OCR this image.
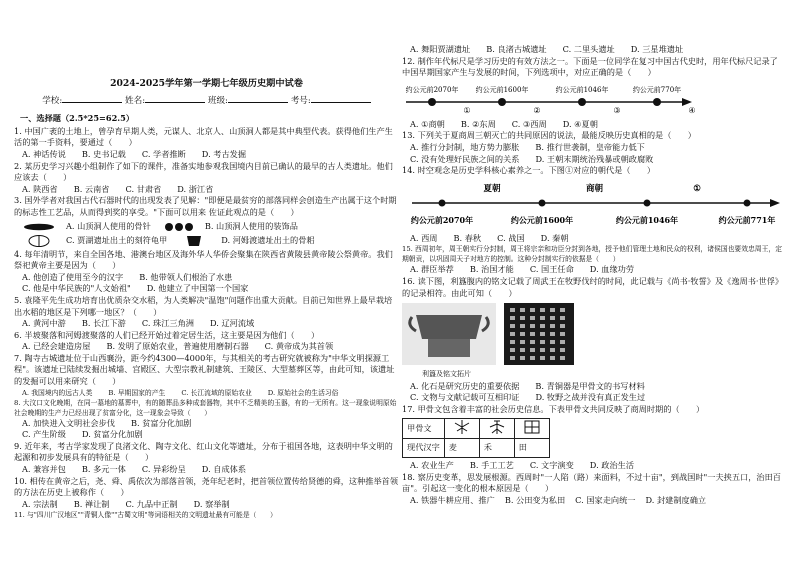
2024-2025学年第一学期七年级历史期中试卷
学校:	姓名:	班级:	考号:
一、选择题（2.5*25=62.5）

1. 中国广袤的土地上，曾孕育早期人类，元谋人、北京人、山顶洞人都是其中典型代表。获得他们生产生活的第一手资料，要通过（　　）

A. 神话传说 B. 史书记载 C. 学者推断 D. 考古发掘

2. 某历史学习兴趣小组制作了如下的课件，准备实地参观我国境内目前已确认的最早的古人类遗址。他们应该去（　　）

A. 陕西省 B. 云南省 C. 甘肃省 D. 浙江省

3. 国外学者对我国古代石器时代的出现发表了见解："即便是最贫穷的部落同样会创造生产出属于这个时期的标志性工艺品，从而得到奖的享受。"下面可以用来 佐证此观点的是（　　）

A. 山顶洞人使用的骨针	B. 山顶洞人使用的装饰品
C. 贾湖遗址出土的刻符龟甲	D. 河姆渡遗址出土的骨耜

4. 每年清明节，来自全国各地、港澳台地区及海外华人华侨会聚集在陕西省黄陵县黄帝陵公祭黄帝。我们祭祀黄帝主要是因为（　　）

A. 他创造了使用至今的汉字 B. 他带领人们根治了水患
C. 他是中华民族的"人文始祖" D. 他建立了中国第一个国家

5. 袁隆平先生成功培育出优质杂交水稻，为人类解决"温饱"问题作出重大贡献。目前已知世界上最早栽培出水稻的地区是下列哪一地区？（　　）

A. 黄河中游 B. 长江下游 C. 珠江三角洲 D. 辽河流域

6. 半坡聚落和河姆渡聚落的人们已经开始过着定居生活，这主要是因为他们（　　）

A. 已经会建造房屋 B. 发明了原始农业，普遍使用磨制石器 C. 黄帝成为其首领

7. 陶寺古城遗址位于山西襄汾，距今约4300—4000年，与其相关的考古研究就被称为"中华文明探源工程"。该遗址已陆续发掘出城墙、宫殿区、大型宗教礼制建筑、王陵区、大型墓葬区等，由此可知，该遗址的发掘可以用来研究（　　）

A. 我国境内的远古人类 B. 早期国家的产生 C. 长江流域的原始农业 D. 原始社会的生活习俗

8. 大汶口文化晚期，在同一墓地的墓葬中，有的随葬品多种成套器物，其中不乏精美的玉器，有的一无所有。这一现象说明原始社会晚期的生产力已经出现了贫富分化，这一现象会导致（　　）

A. 加快进入文明社会步伐 B. 贫富分化加剧
C. 产生阶级 D. 贫富分化加剧

9. 近年来，考古学家发现了良渚文化、陶寺文化、红山文化等遗址，分布于祖国各地，这表明中华文明的起源和初步发展具有的特征是（　　）

A. 兼容并包 B. 多元一体 C. 异彩纷呈 D. 自成体系

10. 相传在黄帝之后，尧、舜、禹依次为部落首领，尧年纪老时，把首领位置传给贤德的舜，这种推举首领的方法在历史上被称作（　　）

A. 宗法制 B. 禅让制 C. 九品中正制 D. 察举制

11. 与"四川广汉地区""青铜人像""古蜀文明"等词语相关的文明遗址最有可能是（　　）

A. 舞阳贾湖遗址 B. 良渚古城遗址 C. 二里头遗址 D. 三星堆遗址

12. 制作年代标尺是学习历史的有效方法之一。下面是一位同学在复习中国古代史时，用年代标尺记录了中国早期国家产生与发展的时间，下列选项中，对应正确的是（　　）

约公元前2070年
①
约公元前1600年
②
约公元前1046年
③
约公元前770年
④
A. ①商朝 B. ②东周 C. ③西周 D. ④夏朝

13. 下列关于夏商周三朝灭亡的共同原因的说法，最能反映历史真相的是（　　）

A. 推行分封制，地方势力膨胀 B. 推行世袭制，皇帝能力低下
C. 没有处理好民族之间的关系 D. 王朝末期统治残暴或朝政腐败

14. 时空观念是历史学科核心素养之一。下图①对应的朝代是（　　）

约公元前2070年	约公元前1600年	约公元前1046年	约公元前771年
夏朝	商朝	①
A. 西周 B. 春秋 C. 战国 D. 秦朝

15. 西周初年，周王朝实行分封制，周王将宗亲和功臣分封到各地，授予他们管理土地和民众的权利，诸侯国也要效忠周王，定期朝贡，以巩固周天子对地方的控制。这种分封制实行的依据是（　　）

A. 群臣举荐 B. 治国才能 C. 国王任命 D. 血缘功劳

16. 读下图，利簋腹内的铭文记载了周武王在牧野伐纣的时间，此记载与《尚书·牧誓》及《逸周书·世俘》的记录相符。由此可知（　　）

利簋及铭文拓片
A. 化石是研究历史的重要依据 B. 青铜器是甲骨文的书写材料
C. 文物与文献记载可互相印证 D. 牧野之战并没有真正发生过

17. 甲骨文包含着丰富的社会历史信息。下表甲骨文共同反映了商周时期的（　　）

甲骨文			
现代汉字	麦	禾	田
A. 农业生产 B. 手工工艺 C. 文字演变 D. 政治生活

18. 察历史变革，思发展根源。西周时"一人陷（路）来面料，不过十亩"，到战国时"一夫挟五口，治田百亩"。引起这一变化的根本原因是（　　）

A. 铁器牛耕应用、推广 B. 公田变为私田 C. 国家走向统一 D. 封建制度确立
